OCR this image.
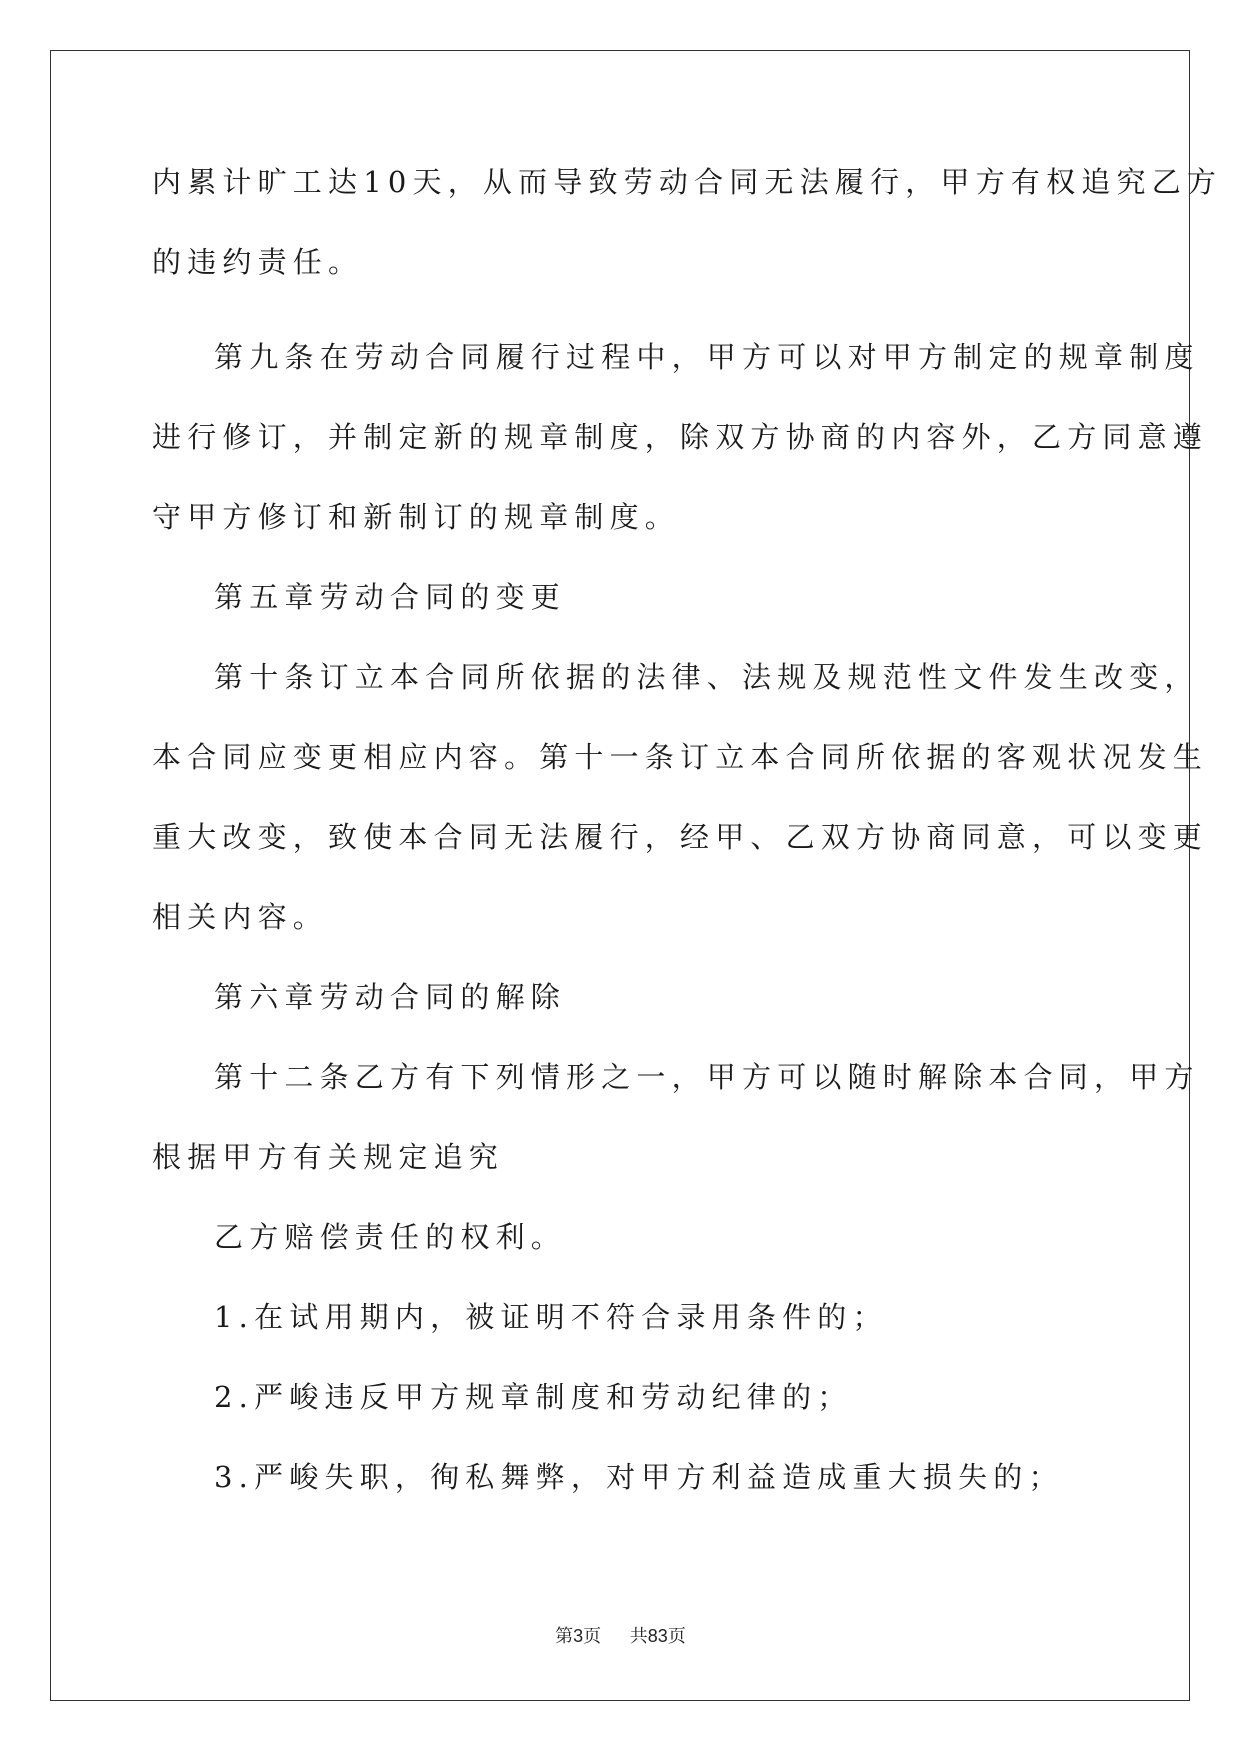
内累计旷工达10天，从而导致劳动合同无法履行，甲方有权追究乙方
的违约责任。
第九条在劳动合同履行过程中，甲方可以对甲方制定的规章制度
进行修订，并制定新的规章制度，除双方协商的内容外，乙方同意遵
守甲方修订和新制订的规章制度。
第五章劳动合同的变更
第十条订立本合同所依据的法律、法规及规范性文件发生改变，
本合同应变更相应内容。第十一条订立本合同所依据的客观状况发生
重大改变，致使本合同无法履行，经甲、乙双方协商同意，可以变更
相关内容。
第六章劳动合同的解除
第十二条乙方有下列情形之一，甲方可以随时解除本合同，甲方
根据甲方有关规定追究
乙方赔偿责任的权利。
1.在试用期内，被证明不符合录用条件的；
2.严峻违反甲方规章制度和劳动纪律的；
3.严峻失职，徇私舞弊，对甲方利益造成重大损失的；
第3页 共83页
